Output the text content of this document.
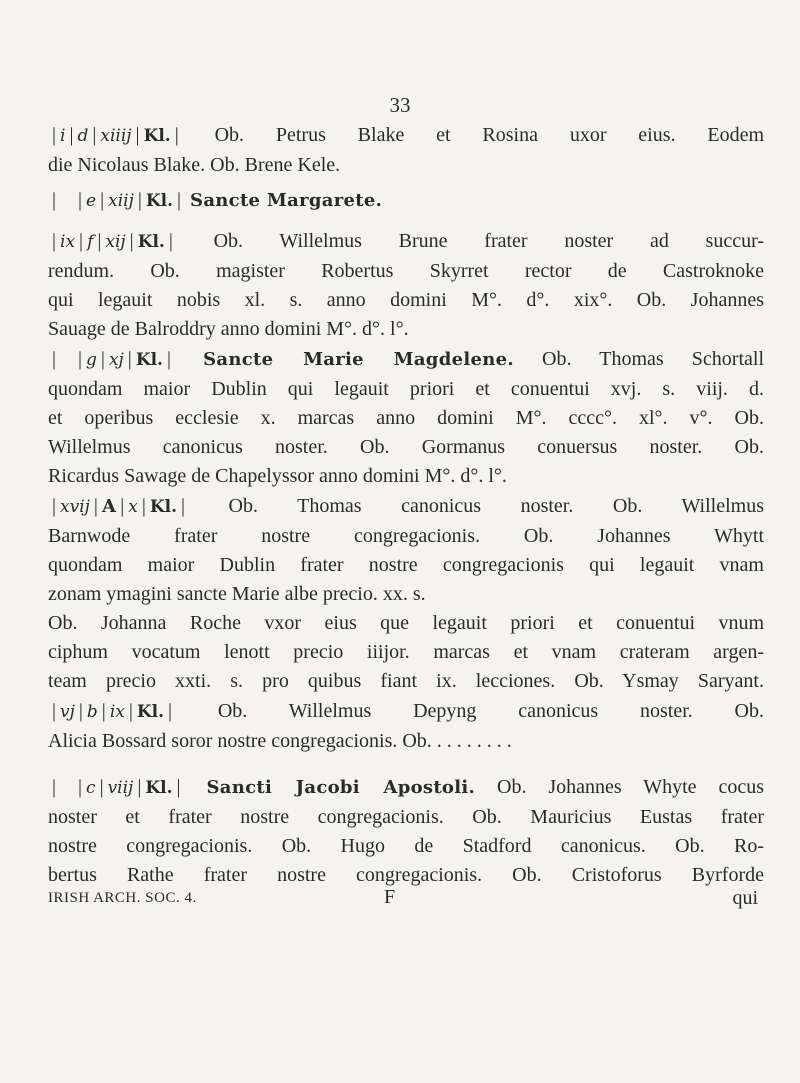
33
| i | d | xiiij | Kl. | Ob. Petrus Blake et Rosina uxor eius. Eodem
die Nicolaus Blake. Ob. Brene Kele.
| | e | xiij | Kl. | Sancte Margarete.
| ix | f | xij | Kl. | Ob. Willelmus Brune frater noster ad succur-
rendum. Ob. magister Robertus Skyrret rector de Castroknoke
qui legauit nobis xl. s. anno domini M°. d°. xix°. Ob. Johannes
Sauage de Balroddry anno domini M°. d°. l°.
| | g | xj | Kl. | Sancte Marie Magdelene. Ob. Thomas Schortall
quondam maior Dublin qui legauit priori et conuentui xvj. s. viij. d.
et operibus ecclesie x. marcas anno domini M°. cccc°. xl°. v°. Ob.
Willelmus canonicus noster. Ob. Gormanus conuersus noster. Ob.
Ricardus Sawage de Chapelyssor anno domini M°. d°. l°.
| xvij | A | x | Kl. | Ob. Thomas canonicus noster. Ob. Willelmus
Barnwode frater nostre congregacionis. Ob. Johannes Whytt
quondam maior Dublin frater nostre congregacionis qui legauit vnam
zonam ymagini sancte Marie albe precio. xx. s.
Ob. Johanna Roche vxor eius que legauit priori et conuentui vnum
ciphum vocatum lenott precio iiijor. marcas et vnam crateram argen-
team precio xxti. s. pro quibus fiant ix. lecciones. Ob. Ysmay Saryant.
| vj | b | ix | Kl. | Ob. Willelmus Depyng canonicus noster. Ob.
Alicia Bossard soror nostre congregacionis. Ob. . . . . . . . .
| | c | viij | Kl. | Sancti Jacobi Apostoli. Ob. Johannes Whyte cocus
noster et frater nostre congregacionis. Ob. Mauricius Eustas frater
nostre congregacionis. Ob. Hugo de Stadford canonicus. Ob. Ro-
bertus Rathe frater nostre congregacionis. Ob. Cristoforus Byrforde
IRISH ARCH. SOC. 4.	F	qui
